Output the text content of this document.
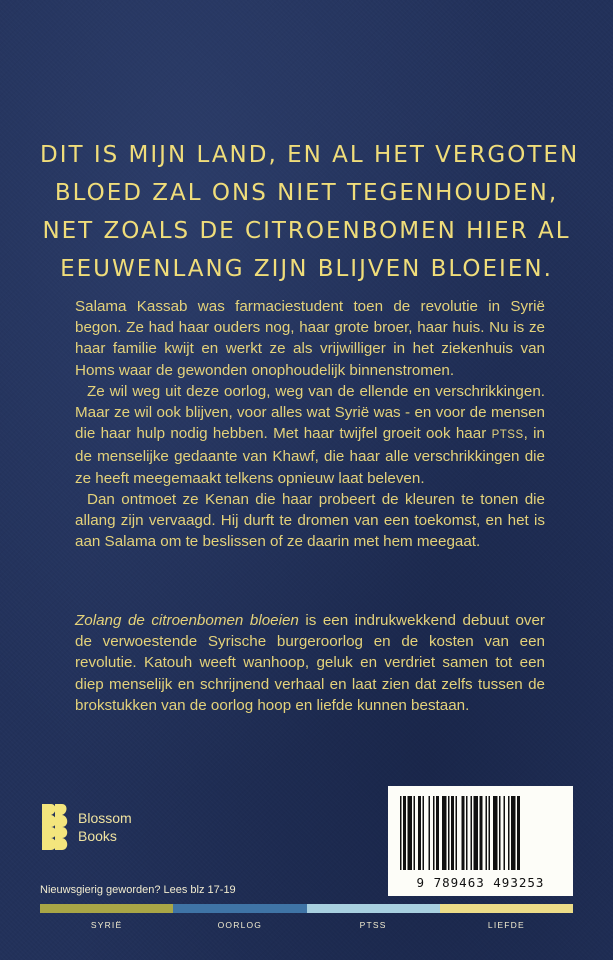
DIT IS MIJN LAND, EN AL HET VERGOTEN
BLOED ZAL ONS NIET TEGENHOUDEN,
NET ZOALS DE CITROENBOMEN HIER AL
EEUWENLANG ZIJN BLIJVEN BLOEIEN.

Salama Kassab was farmaciestudent toen de revolutie in Syrië begon. Ze had haar ouders nog, haar grote broer, haar huis. Nu is ze haar familie kwijt en werkt ze als vrijwilliger in het ziekenhuis van Homs waar de gewonden onophoudelijk binnenstromen.

Ze wil weg uit deze oorlog, weg van de ellende en verschrikkingen. Maar ze wil ook blijven, voor alles wat Syrië was - en voor de mensen die haar hulp nodig hebben. Met haar twijfel groeit ook haar PTSS, in de menselijke gedaante van Khawf, die haar alle verschrikkingen die ze heeft meegemaakt telkens opnieuw laat beleven.

Dan ontmoet ze Kenan die haar probeert de kleuren te tonen die allang zijn vervaagd. Hij durft te dromen van een toekomst, en het is aan Salama om te beslissen of ze daarin met hem meegaat.

Zolang de citroenbomen bloeien is een indrukwekkend debuut over de verwoestende Syrische burgeroorlog en de kosten van een revolutie. Katouh weeft wanhoop, geluk en verdriet samen tot een diep menselijk en schrijnend verhaal en laat zien dat zelfs tussen de brokstukken van de oorlog hoop en liefde kunnen bestaan.

Blossom
Books
Nieuwsgierig geworden? Lees blz 17-19	9 789463 493253
SYRIË	OORLOG	PTSS	LIEFDE
